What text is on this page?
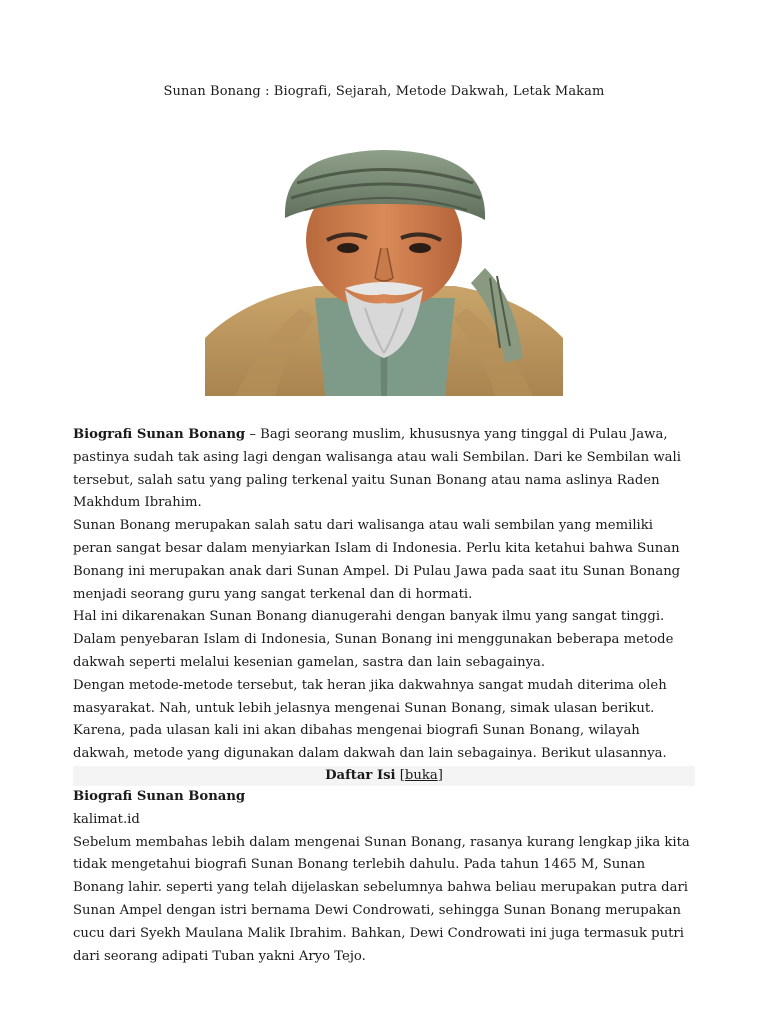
Sunan Bonang : Biografi, Sejarah, Metode Dakwah, Letak Makam

Biografi Sunan Bonang – Bagi seorang muslim, khususnya yang tinggal di Pulau Jawa, pastinya sudah tak asing lagi dengan walisanga atau wali Sembilan. Dari ke Sembilan wali tersebut, salah satu yang paling terkenal yaitu Sunan Bonang atau nama aslinya Raden Makhdum Ibrahim.

Sunan Bonang merupakan salah satu dari walisanga atau wali sembilan yang memiliki peran sangat besar dalam menyiarkan Islam di Indonesia. Perlu kita ketahui bahwa Sunan Bonang ini merupakan anak dari Sunan Ampel. Di Pulau Jawa pada saat itu Sunan Bonang menjadi seorang guru yang sangat terkenal dan di hormati.

Hal ini dikarenakan Sunan Bonang dianugerahi dengan banyak ilmu yang sangat tinggi. Dalam penyebaran Islam di Indonesia, Sunan Bonang ini menggunakan beberapa metode dakwah seperti melalui kesenian gamelan, sastra dan lain sebagainya.

Dengan metode-metode tersebut, tak heran jika dakwahnya sangat mudah diterima oleh masyarakat. Nah, untuk lebih jelasnya mengenai Sunan Bonang, simak ulasan berikut. Karena, pada ulasan kali ini akan dibahas mengenai biografi Sunan Bonang, wilayah dakwah, metode yang digunakan dalam dakwah dan lain sebagainya. Berikut ulasannya.

Daftar Isi [buka]

Biografi Sunan Bonang

kalimat.id

Sebelum membahas lebih dalam mengenai Sunan Bonang, rasanya kurang lengkap jika kita tidak mengetahui biografi Sunan Bonang terlebih dahulu. Pada tahun 1465 M, Sunan Bonang lahir. seperti yang telah dijelaskan sebelumnya bahwa beliau merupakan putra dari Sunan Ampel dengan istri bernama Dewi Condrowati, sehingga Sunan Bonang merupakan cucu dari Syekh Maulana Malik Ibrahim. Bahkan, Dewi Condrowati ini juga termasuk putri dari seorang adipati Tuban yakni Aryo Tejo.
